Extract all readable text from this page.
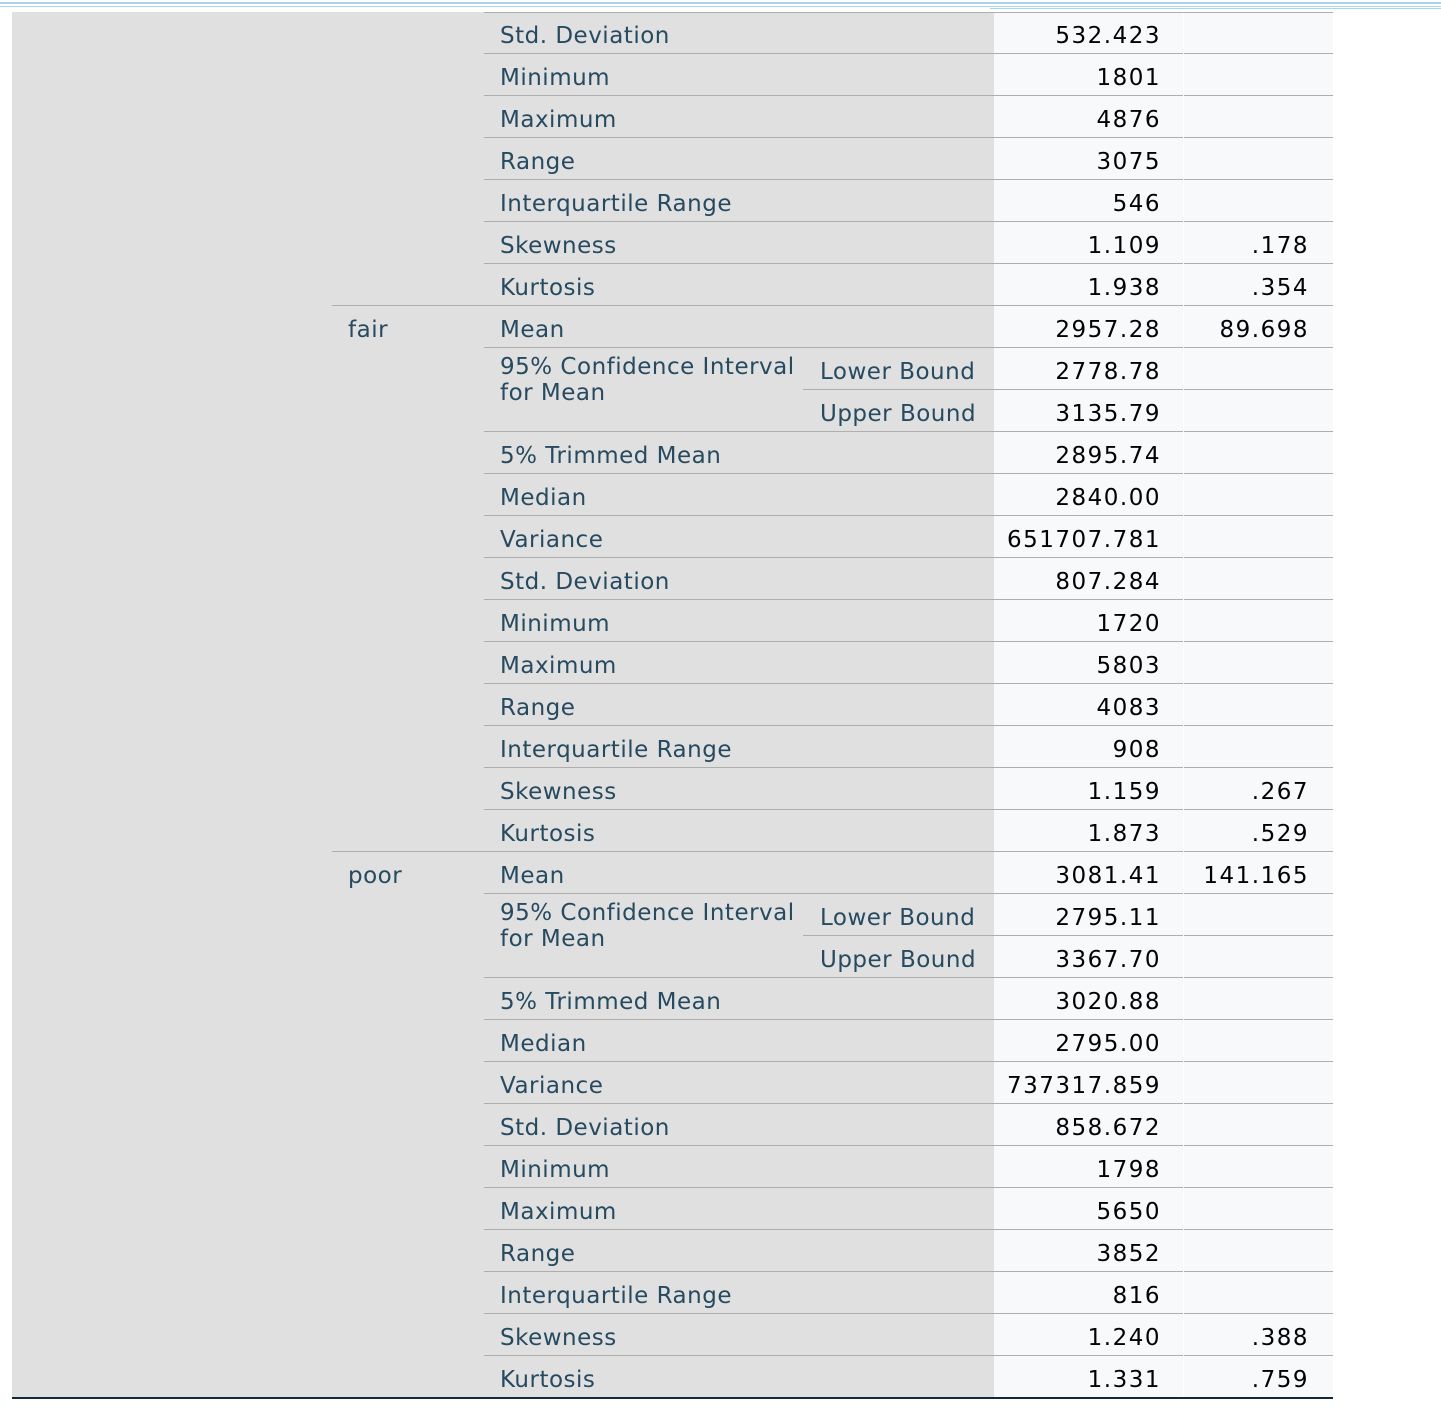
Std. Deviation	532.423
Minimum	1801
Maximum	4876
Range	3075
Interquartile Range	546
Skewness	1.109	.178
Kurtosis	1.938	.354
fair	Mean	2957.28	89.698
95% Confidence Interval for Mean
Lower Bound	2778.78
Upper Bound	3135.79
5% Trimmed Mean	2895.74
Median	2840.00
Variance	651707.781
Std. Deviation	807.284
Minimum	1720
Maximum	5803
Range	4083
Interquartile Range	908
Skewness	1.159	.267
Kurtosis	1.873	.529
poor	Mean	3081.41 141.165
95% Confidence Interval for Mean
Lower Bound	2795.11
Upper Bound	3367.70
5% Trimmed Mean	3020.88
Median	2795.00
Variance	737317.859
Std. Deviation	858.672
Minimum	1798
Maximum	5650
Range	3852
Interquartile Range	816
Skewness	1.240	.388
Kurtosis	1.331	.759
